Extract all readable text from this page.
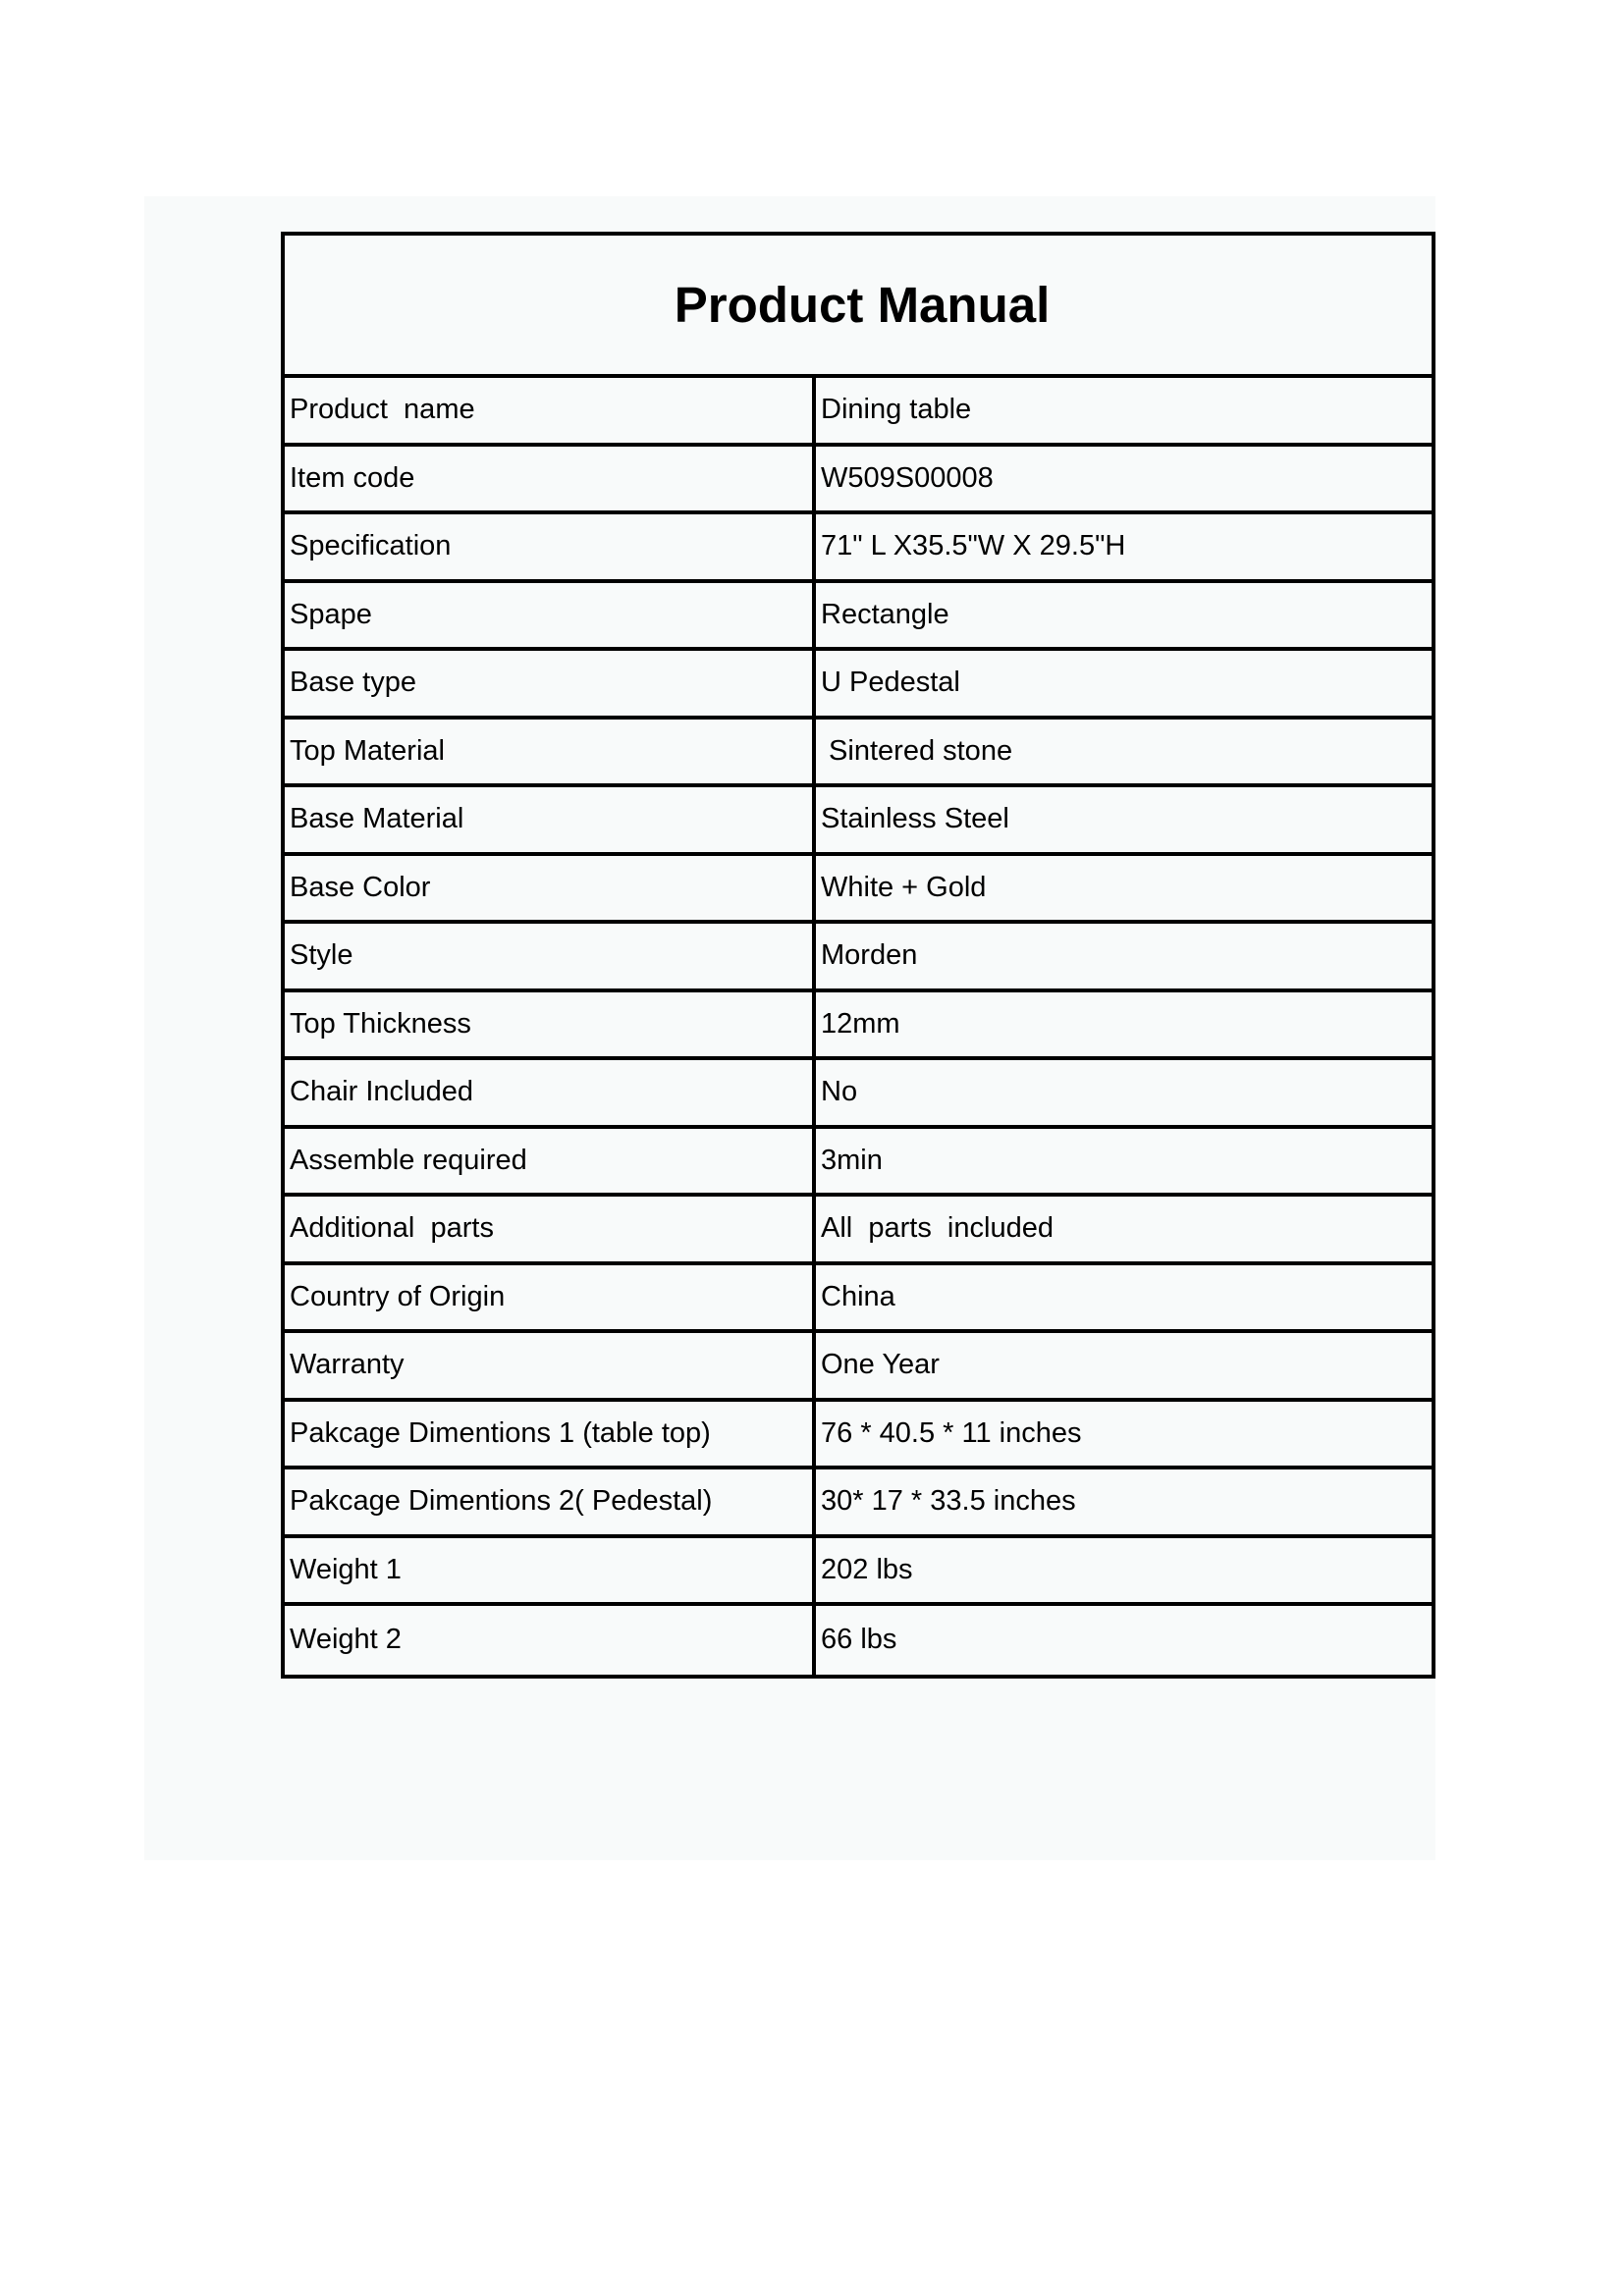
Product Manual
Product  name	Dining table
Item code	W509S00008
Specification	71" L X35.5"W X 29.5"H
Spape	Rectangle
Base type	U Pedestal
Top Material	Sintered stone
Base Material	Stainless Steel
Base Color	White + Gold
Style	Morden
Top Thickness	12mm
Chair Included	No
Assemble required	3min
Additional  parts	All  parts  included
Country of Origin	China
Warranty	One Year
Pakcage Dimentions 1 (table top)	76 * 40.5 * 11 inches
Pakcage Dimentions 2( Pedestal)	30* 17 * 33.5 inches
Weight 1	202 lbs
Weight 2	66 lbs
